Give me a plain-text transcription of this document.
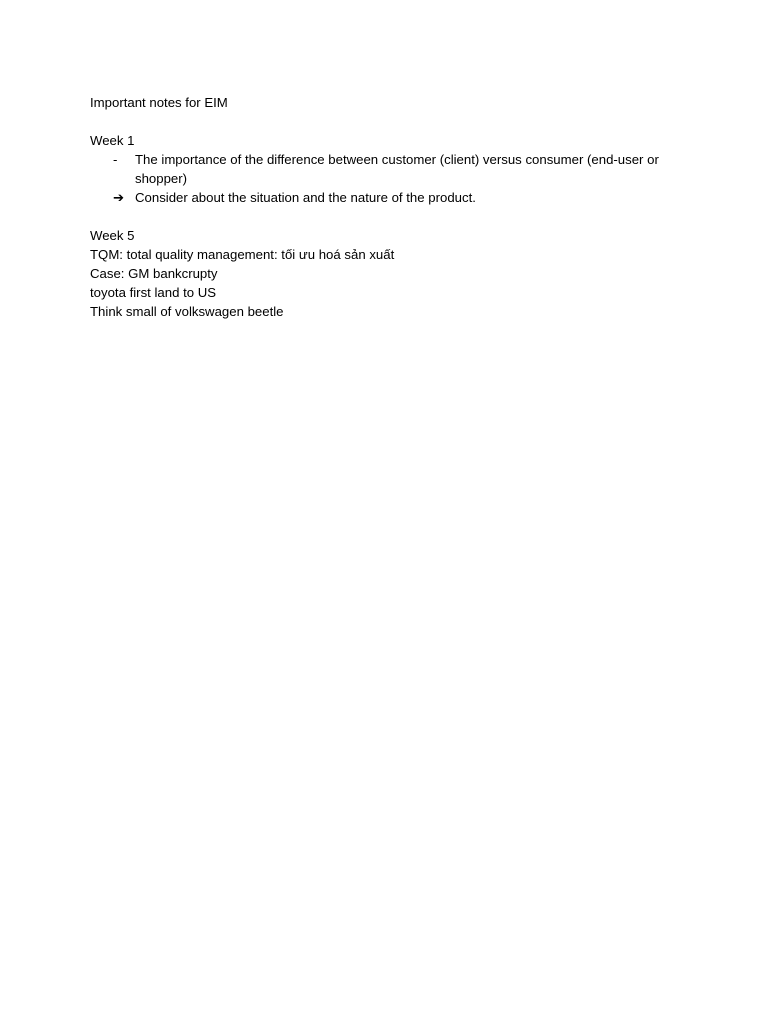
Important notes for EIM

Week 1

-	The importance of the difference between customer (client) versus consumer (end-user or shopper)
➔ Consider about the situation and the nature of the product.

Week 5

TQM: total quality management: tối ưu hoá sản xuất

Case: GM bankcrupty

toyota first land to US

Think small of volkswagen beetle
